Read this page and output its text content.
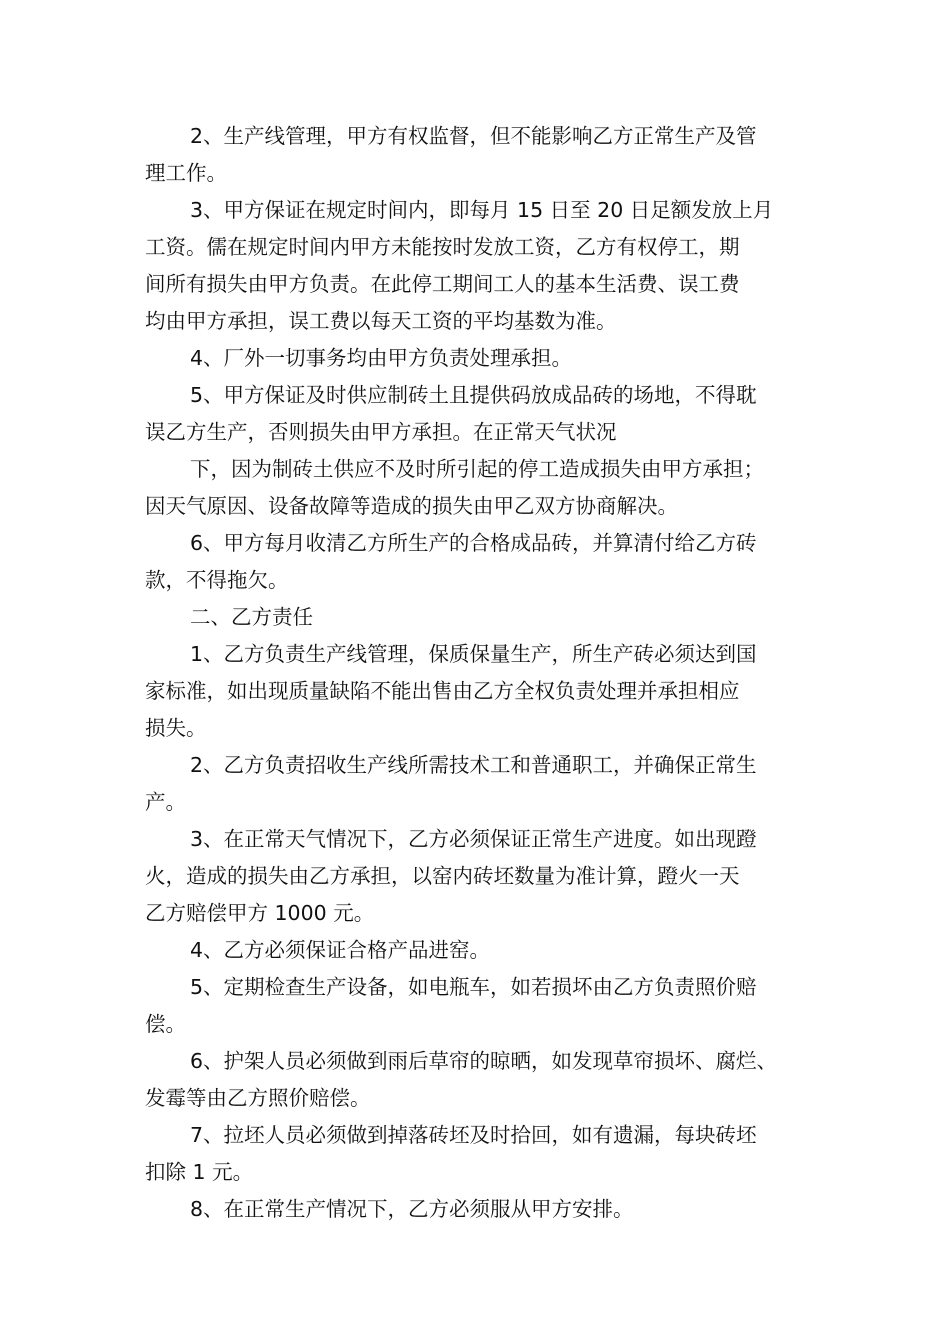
2、生产线管理，甲方有权监督，但不能影响乙方正常生产及管
理工作。
3、甲方保证在规定时间内，即每月 15 日至 20 日足额发放上月
工资。儒在规定时间内甲方未能按时发放工资，乙方有权停工，期
间所有损失由甲方负责。在此停工期间工人的基本生活费、误工费
均由甲方承担，误工费以每天工资的平均基数为准。
4、厂外一切事务均由甲方负责处理承担。
5、甲方保证及时供应制砖土且提供码放成品砖的场地，不得耽
误乙方生产，否则损失由甲方承担。在正常天气状况
下，因为制砖土供应不及时所引起的停工造成损失由甲方承担；
因天气原因、设备故障等造成的损失由甲乙双方协商解决。
6、甲方每月收清乙方所生产的合格成品砖，并算清付给乙方砖
款，不得拖欠。
二、乙方责任
1、乙方负责生产线管理，保质保量生产，所生产砖必须达到国
家标准，如出现质量缺陷不能出售由乙方全权负责处理并承担相应
损失。
2、乙方负责招收生产线所需技术工和普通职工，并确保正常生
产。
3、在正常天气情况下，乙方必须保证正常生产进度。如出现蹬
火，造成的损失由乙方承担，以窑内砖坯数量为准计算，蹬火一天
乙方赔偿甲方 1000 元。
4、乙方必须保证合格产品进窑。
5、定期检查生产设备，如电瓶车，如若损坏由乙方负责照价赔
偿。
6、护架人员必须做到雨后草帘的晾晒，如发现草帘损坏、腐烂、
发霉等由乙方照价赔偿。
7、拉坯人员必须做到掉落砖坯及时拾回，如有遗漏，每块砖坯
扣除 1 元。
8、在正常生产情况下，乙方必须服从甲方安排。
